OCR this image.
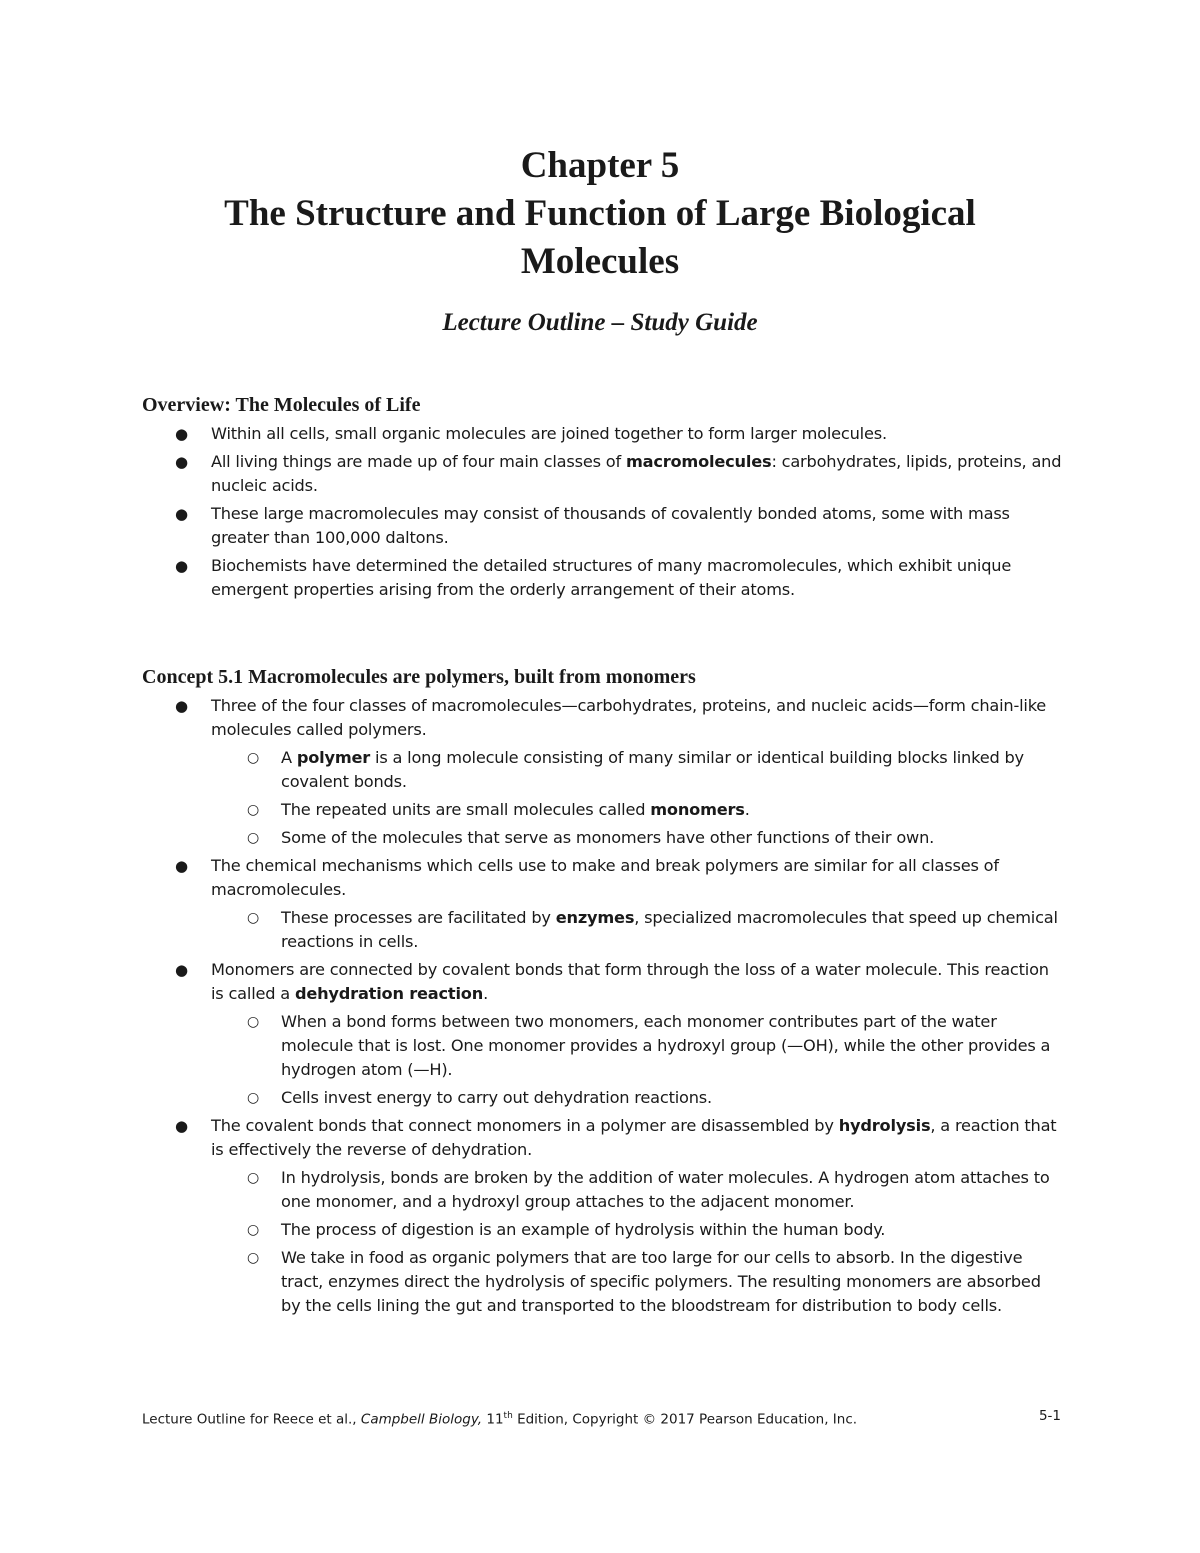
Chapter 5
The Structure and Function of Large Biological Molecules

Lecture Outline – Study Guide

Overview: The Molecules of Life
● Within all cells, small organic molecules are joined together to form larger molecules.
● All living things are made up of four main classes of macromolecules: carbohydrates, lipids, proteins, and nucleic acids.
● These large macromolecules may consist of thousands of covalently bonded atoms, some with mass greater than 100,000 daltons.
● Biochemists have determined the detailed structures of many macromolecules, which exhibit unique emergent properties arising from the orderly arrangement of their atoms.
Concept 5.1 Macromolecules are polymers, built from monomers
● Three of the four classes of macromolecules—carbohydrates, proteins, and nucleic acids—form chain-like molecules called polymers.
○ A polymer is a long molecule consisting of many similar or identical building blocks linked by covalent bonds.
○ The repeated units are small molecules called monomers.
○ Some of the molecules that serve as monomers have other functions of their own.
● The chemical mechanisms which cells use to make and break polymers are similar for all classes of macromolecules.
○ These processes are facilitated by enzymes, specialized macromolecules that speed up chemical reactions in cells.
● Monomers are connected by covalent bonds that form through the loss of a water molecule. This reaction is called a dehydration reaction.
○ When a bond forms between two monomers, each monomer contributes part of the water molecule that is lost. One monomer provides a hydroxyl group (—OH), while the other provides a hydrogen atom (—H).
○ Cells invest energy to carry out dehydration reactions.
● The covalent bonds that connect monomers in a polymer are disassembled by hydrolysis, a reaction that is effectively the reverse of dehydration.
○ In hydrolysis, bonds are broken by the addition of water molecules. A hydrogen atom attaches to one monomer, and a hydroxyl group attaches to the adjacent monomer.
○ The process of digestion is an example of hydrolysis within the human body.
○ We take in food as organic polymers that are too large for our cells to absorb. In the digestive tract, enzymes direct the hydrolysis of specific polymers. The resulting monomers are absorbed by the cells lining the gut and transported to the bloodstream for distribution to body cells.
Lecture Outline for Reece et al., Campbell Biology, 11th Edition, Copyright © 2017 Pearson Education, Inc.	5-1
